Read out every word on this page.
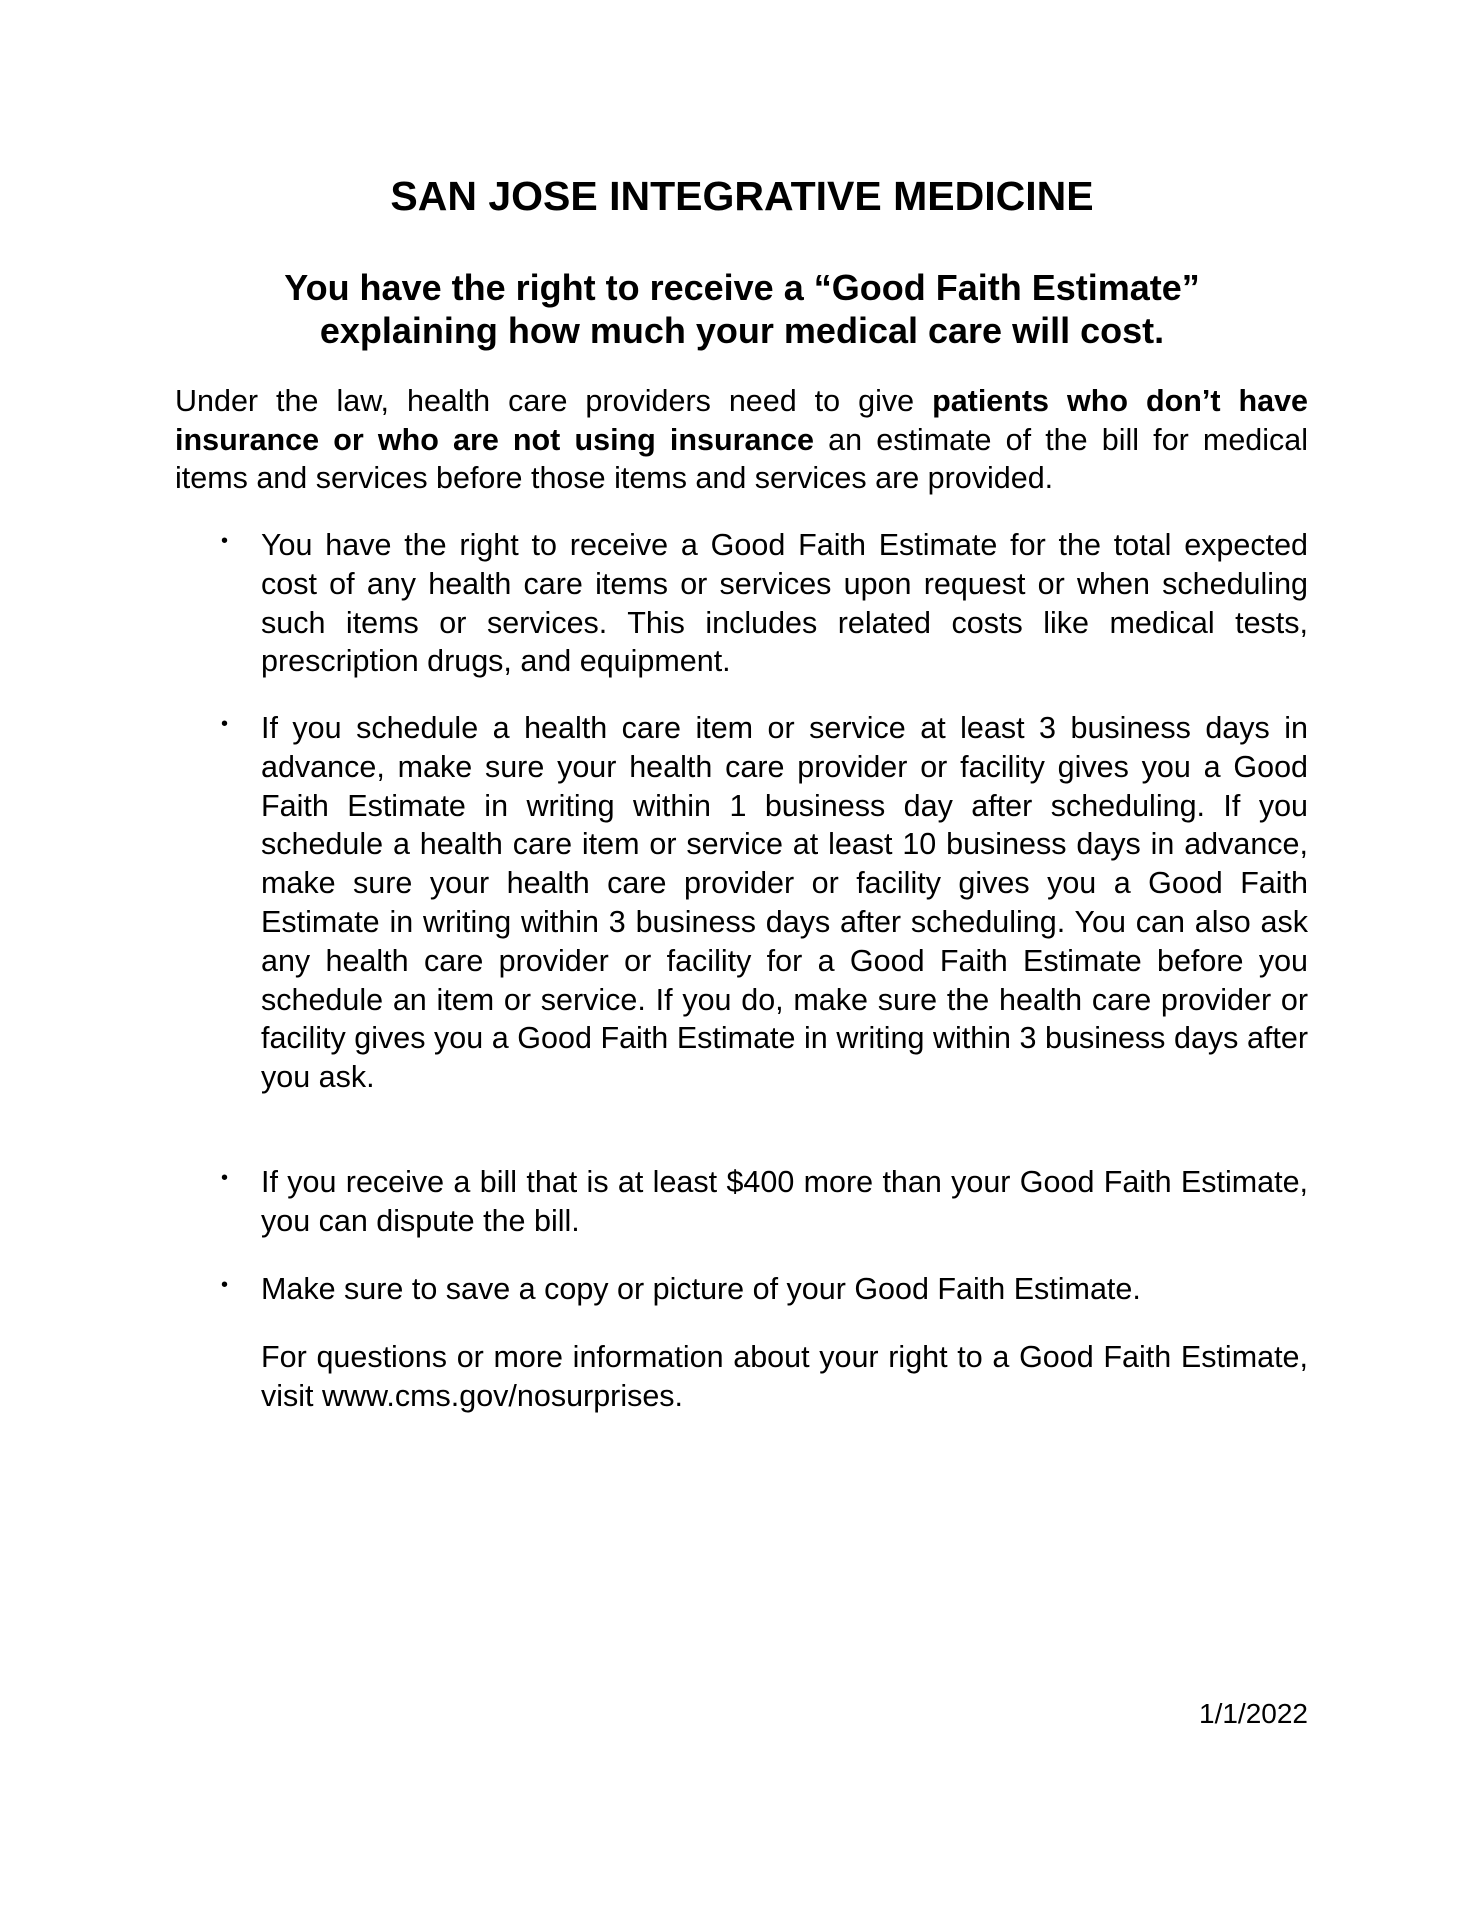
SAN JOSE INTEGRATIVE MEDICINE
You have the right to receive a “Good Faith Estimate”
explaining how much your medical care will cost.

Under the law, health care providers need to give patients who don’t have insurance or who are not using insurance an estimate of the bill for medical items and services before those items and services are provided.

• You have the right to receive a Good Faith Estimate for the total expected cost of any health care items or services upon request or when scheduling such items or services. This includes related costs like medical tests, prescription drugs, and equipment.
• If you schedule a health care item or service at least 3 business days in advance, make sure your health care provider or facility gives you a Good Faith Estimate in writing within 1 business day after scheduling. If you schedule a health care item or service at least 10 business days in advance, make sure your health care provider or facility gives you a Good Faith Estimate in writing within 3 business days after scheduling. You can also ask any health care provider or facility for a Good Faith Estimate before you schedule an item or service. If you do, make sure the health care provider or facility gives you a Good Faith Estimate in writing within 3 business days after you ask.
• If you receive a bill that is at least $400 more than your Good Faith Estimate, you can dispute the bill.
• Make sure to save a copy or picture of your Good Faith Estimate.

For questions or more information about your right to a Good Faith Estimate, visit www.cms.gov/nosurprises.

1/1/2022
